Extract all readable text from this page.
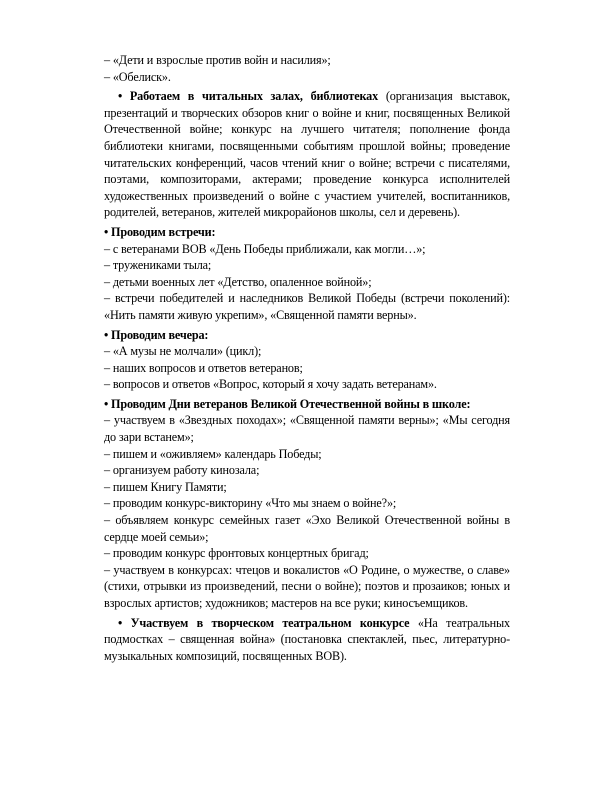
– «Дети и взрослые против войн и насилия»;

– «Обелиск».

• Работаем в читальных залах, библиотеках (организация выставок, презентаций и творческих обзоров книг о войне и книг, посвященных Великой Отечественной войне; конкурс на лучшего читателя; пополнение фонда библиотеки книгами, посвященными событиям прошлой войны; проведение читательских конференций, часов чтений книг о войне; встречи с писателями, поэтами, композиторами, актерами; проведение конкурса исполнителей художественных произведений о войне с участием учителей, воспитанников, родителей, ветеранов, жителей микрорайонов школы, сел и деревень).

• Проводим встречи:

– с ветеранами ВОВ «День Победы приближали, как могли…»;

– тружениками тыла;

– детьми военных лет «Детство, опаленное войной»;

– встречи победителей и наследников Великой Победы (встречи поколений): «Нить памяти живую укрепим», «Священной памяти верны».

• Проводим вечера:

– «А музы не молчали» (цикл);

– наших вопросов и ответов ветеранов;

– вопросов и ответов «Вопрос, который я хочу задать ветеранам».

• Проводим Дни ветеранов Великой Отечественной войны в школе:

– участвуем в «Звездных походах»; «Священной памяти верны»; «Мы сегодня до зари встанем»;

– пишем и «оживляем» календарь Победы;

– организуем работу кинозала;

– пишем Книгу Памяти;

– проводим конкурс-викторину «Что мы знаем о войне?»;

– объявляем конкурс семейных газет «Эхо Великой Отечественной войны в сердце моей семьи»;

– проводим конкурс фронтовых концертных бригад;

– участвуем в конкурсах: чтецов и вокалистов «О Родине, о мужестве, о славе» (стихи, отрывки из произведений, песни о войне); поэтов и прозаиков; юных и взрослых артистов; художников; мастеров на все руки; киносъемщиков.

• Участвуем в творческом театральном конкурсе «На театральных подмостках – священная война» (постановка спектаклей, пьес, литературно-музыкальных композиций, посвященных ВОВ).
